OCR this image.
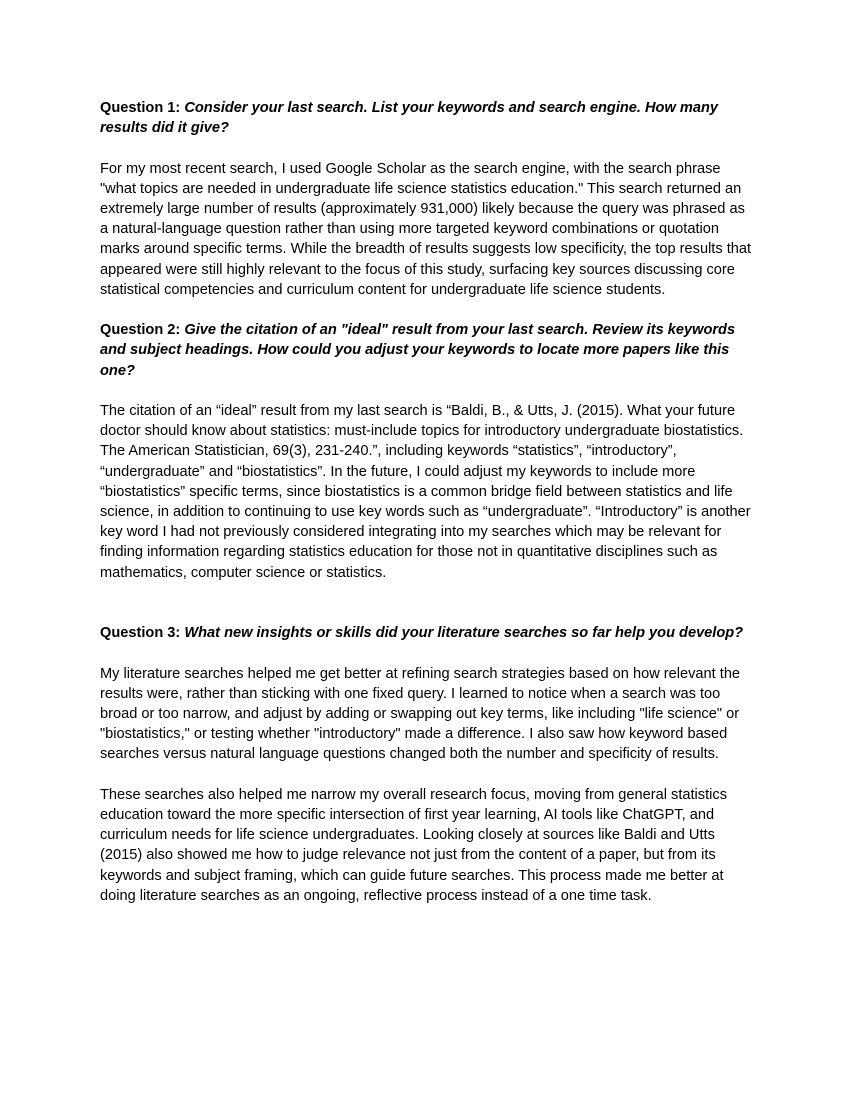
Question 1: Consider your last search. List your keywords and search engine. How many results did it give?

For my most recent search, I used Google Scholar as the search engine, with the search phrase "what topics are needed in undergraduate life science statistics education." This search returned an extremely large number of results (approximately 931,000) likely because the query was phrased as a natural-language question rather than using more targeted keyword combinations or quotation marks around specific terms. While the breadth of results suggests low specificity, the top results that appeared were still highly relevant to the focus of this study, surfacing key sources discussing core statistical competencies and curriculum content for undergraduate life science students.

Question 2: Give the citation of an "ideal" result from your last search. Review its keywords and subject headings. How could you adjust your keywords to locate more papers like this one?

The citation of an “ideal” result from my last search is “Baldi, B., & Utts, J. (2015). What your future doctor should know about statistics: must-include topics for introductory undergraduate biostatistics. The American Statistician, 69(3), 231-240.”, including keywords “statistics”, “introductory”, “undergraduate” and “biostatistics”. In the future, I could adjust my keywords to include more “biostatistics” specific terms, since biostatistics is a common bridge field between statistics and life science, in addition to continuing to use key words such as “undergraduate”. “Introductory” is another key word I had not previously considered integrating into my searches which may be relevant for finding information regarding statistics education for those not in quantitative disciplines such as mathematics, computer science or statistics.

Question 3: What new insights or skills did your literature searches so far help you develop?

My literature searches helped me get better at refining search strategies based on how relevant the results were, rather than sticking with one fixed query. I learned to notice when a search was too broad or too narrow, and adjust by adding or swapping out key terms, like including "life science" or "biostatistics," or testing whether "introductory" made a difference. I also saw how keyword based searches versus natural language questions changed both the number and specificity of results.

These searches also helped me narrow my overall research focus, moving from general statistics education toward the more specific intersection of first year learning, AI tools like ChatGPT, and curriculum needs for life science undergraduates. Looking closely at sources like Baldi and Utts (2015) also showed me how to judge relevance not just from the content of a paper, but from its keywords and subject framing, which can guide future searches. This process made me better at doing literature searches as an ongoing, reflective process instead of a one time task.
